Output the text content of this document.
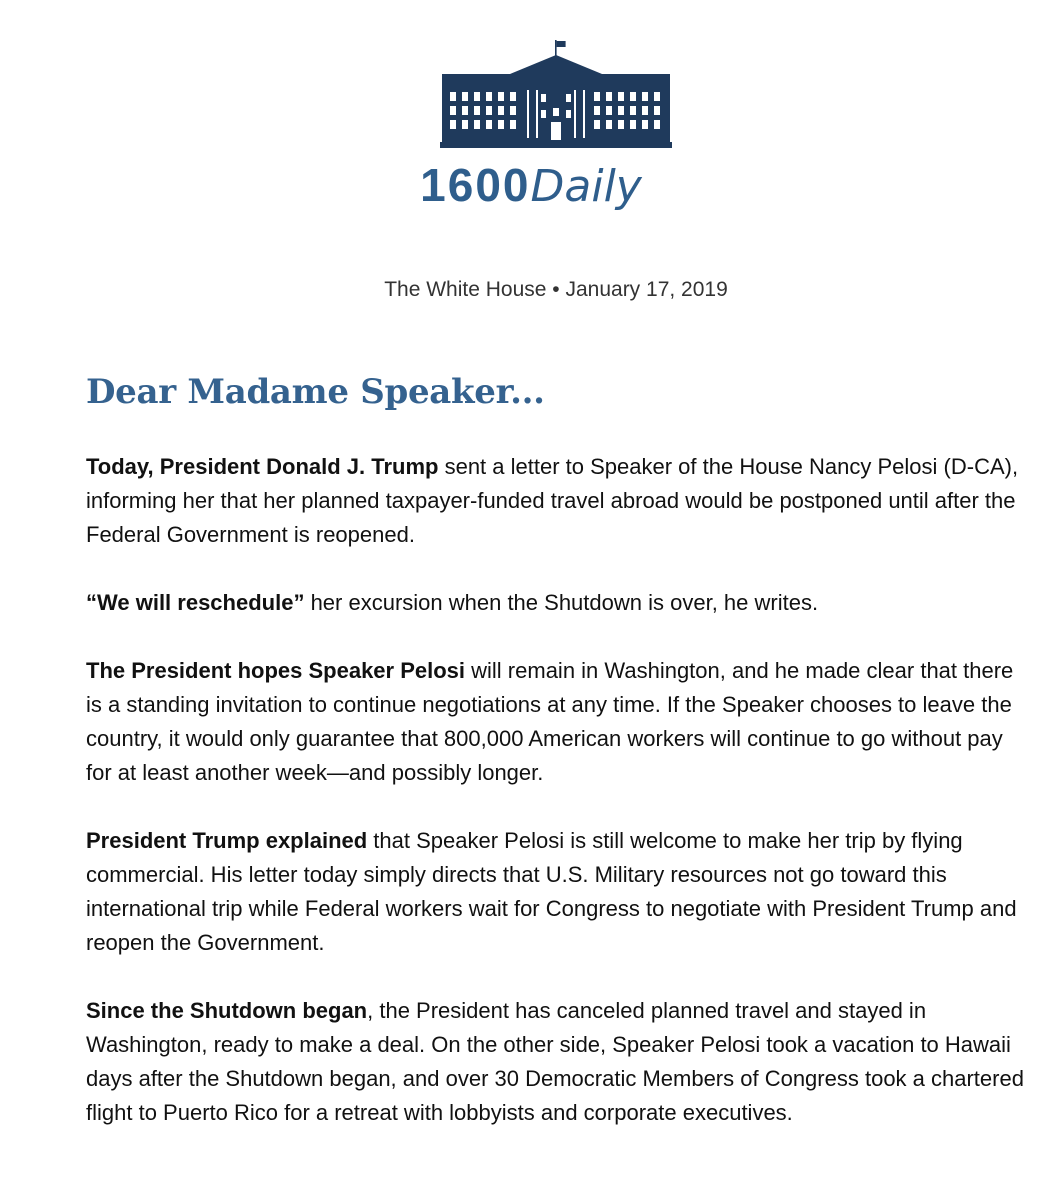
1600Daily
The White House • January 17, 2019
Dear Madame Speaker...

Today, President Donald J. Trump sent a letter to Speaker of the House Nancy Pelosi (D-CA), informing her that her planned taxpayer-funded travel abroad would be postponed until after the Federal Government is reopened.

“We will reschedule” her excursion when the Shutdown is over, he writes.

The President hopes Speaker Pelosi will remain in Washington, and he made clear that there is a standing invitation to continue negotiations at any time. If the Speaker chooses to leave the country, it would only guarantee that 800,000 American workers will continue to go without pay for at least another week—and possibly longer.

President Trump explained that Speaker Pelosi is still welcome to make her trip by flying commercial. His letter today simply directs that U.S. Military resources not go toward this international trip while Federal workers wait for Congress to negotiate with President Trump and reopen the Government.

Since the Shutdown began, the President has canceled planned travel and stayed in Washington, ready to make a deal. On the other side, Speaker Pelosi took a vacation to Hawaii days after the Shutdown began, and over 30 Democratic Members of Congress took a chartered flight to Puerto Rico for a retreat with lobbyists and corporate executives.
